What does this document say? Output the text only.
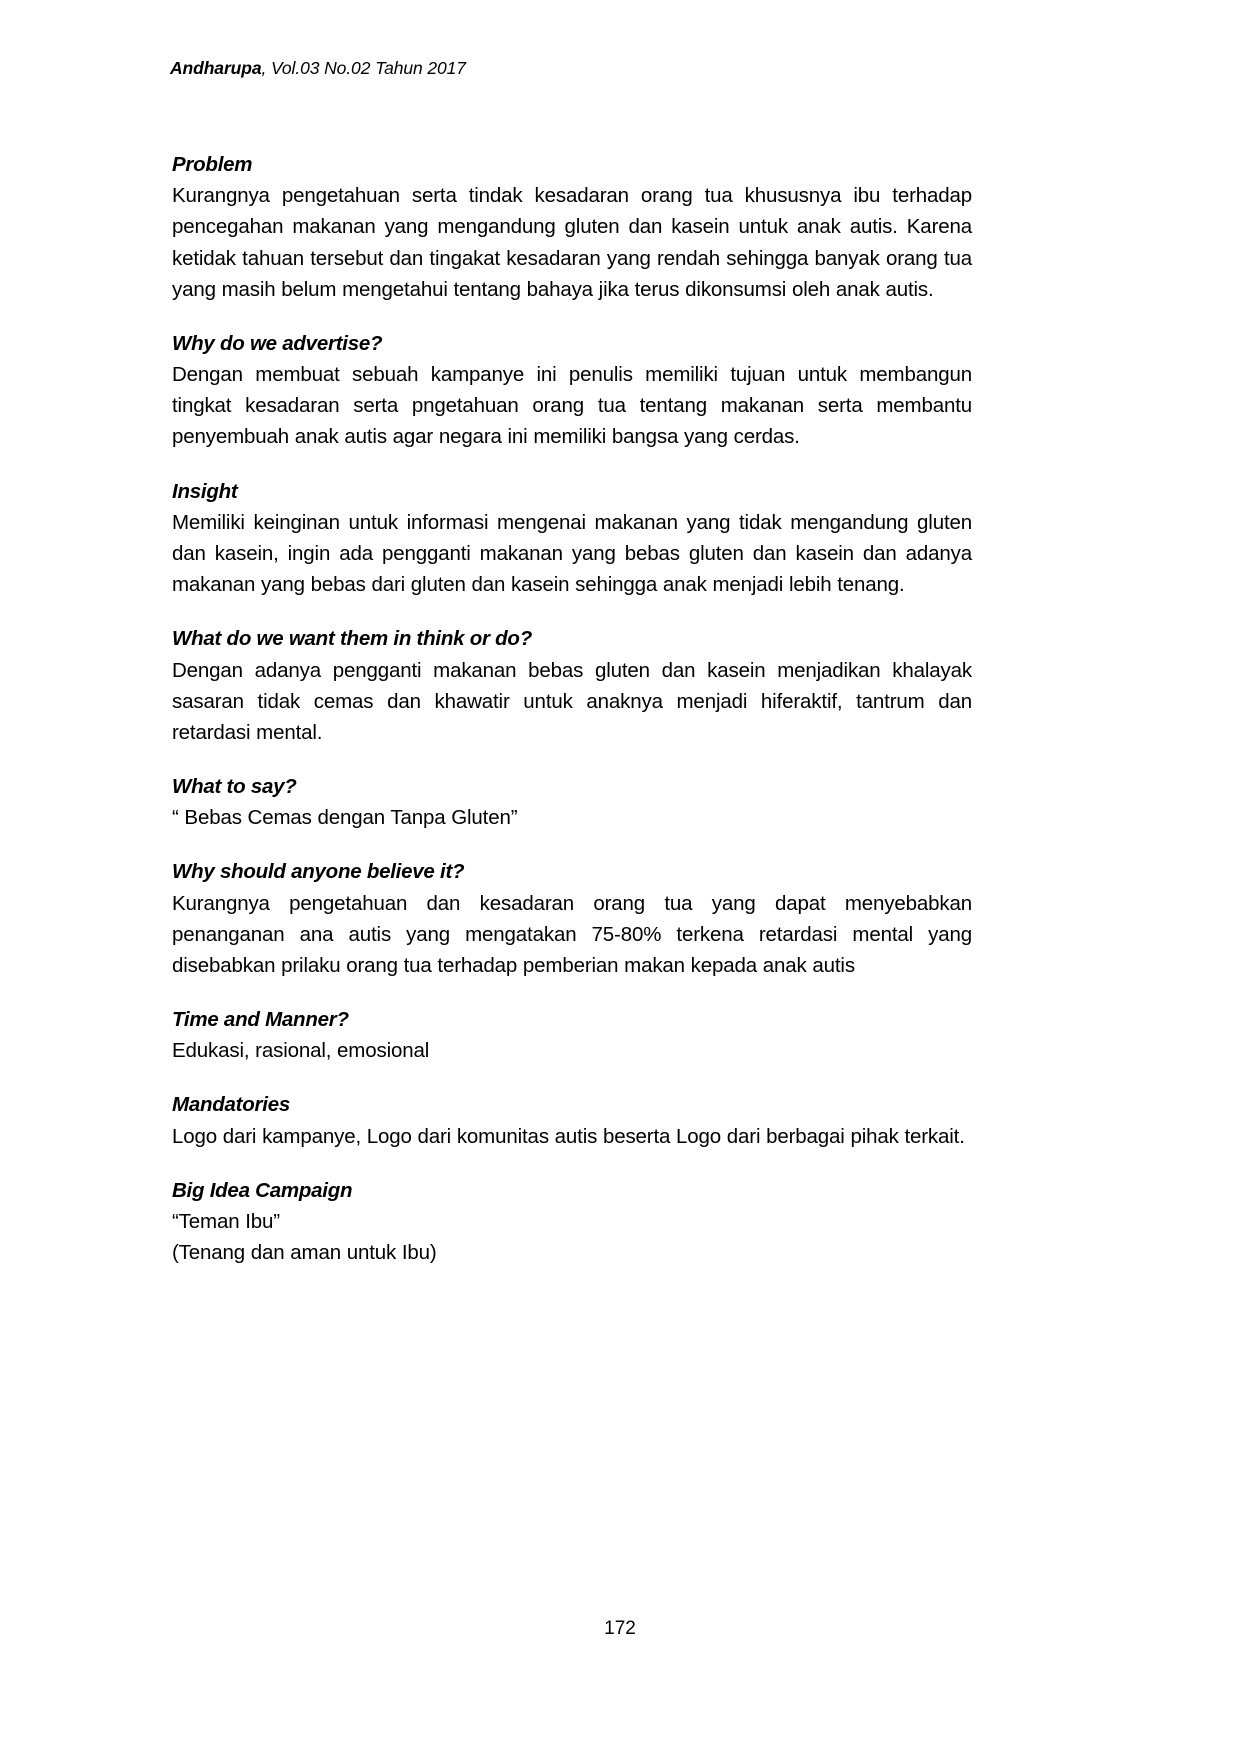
Andharupa, Vol.03 No.02 Tahun 2017
Problem

Kurangnya pengetahuan serta tindak kesadaran orang tua khususnya ibu terhadap pencegahan makanan yang mengandung gluten dan kasein untuk anak autis. Karena ketidak tahuan tersebut dan tingakat kesadaran yang rendah sehingga banyak orang tua yang masih belum mengetahui tentang bahaya jika terus dikonsumsi oleh anak autis.

Why do we advertise?

Dengan membuat sebuah kampanye ini penulis memiliki tujuan untuk membangun tingkat kesadaran serta pngetahuan orang tua tentang makanan serta membantu penyembuah anak autis agar negara ini memiliki bangsa yang cerdas.

Insight

Memiliki keinginan untuk informasi mengenai makanan yang tidak mengandung gluten dan kasein, ingin ada pengganti makanan yang bebas gluten dan kasein dan adanya makanan yang bebas dari gluten dan kasein sehingga anak menjadi lebih tenang.

What do we want them in think or do?

Dengan adanya pengganti makanan bebas gluten dan kasein menjadikan khalayak sasaran tidak cemas dan khawatir untuk anaknya menjadi hiferaktif, tantrum dan retardasi mental.

What to say?

“ Bebas Cemas dengan Tanpa Gluten”

Why should anyone believe it?

Kurangnya pengetahuan dan kesadaran orang tua yang dapat menyebabkan penanganan ana autis yang mengatakan 75-80% terkena retardasi mental yang disebabkan prilaku orang tua terhadap pemberian makan kepada anak autis

Time and Manner?

Edukasi, rasional, emosional

Mandatories

Logo dari kampanye, Logo dari komunitas autis beserta Logo dari berbagai pihak terkait.

Big Idea Campaign

“Teman Ibu”

(Tenang dan aman untuk Ibu)

172
